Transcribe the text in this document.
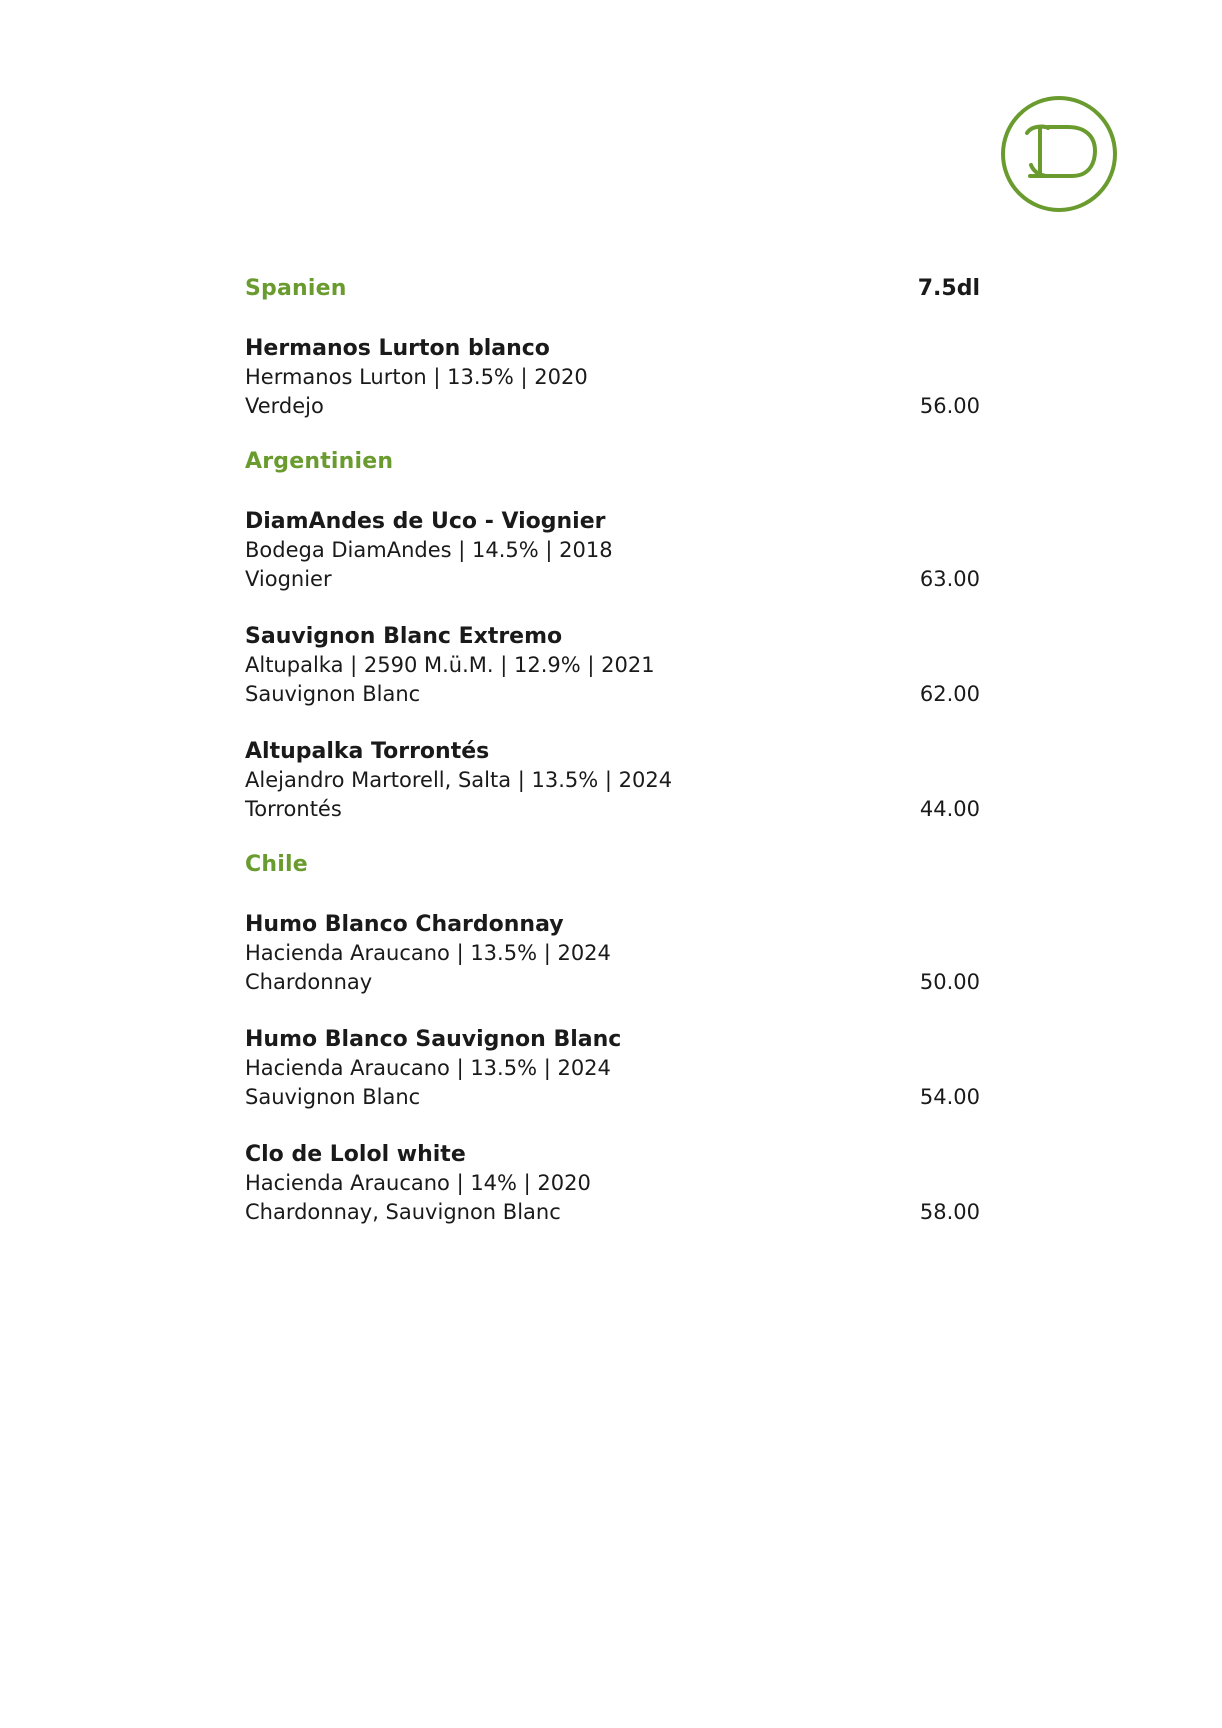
Spanien	7.5dl
Hermanos Lurton blanco
Hermanos Lurton | 13.5% | 2020
Verdejo	56.00
Argentinien
DiamAndes de Uco - Viognier
Bodega DiamAndes | 14.5% | 2018
Viognier	63.00
Sauvignon Blanc Extremo
Altupalka | 2590 M.ü.M. | 12.9% | 2021
Sauvignon Blanc	62.00
Altupalka Torrontés
Alejandro Martorell, Salta | 13.5% | 2024
Torrontés	44.00
Chile
Humo Blanco Chardonnay
Hacienda Araucano | 13.5% | 2024
Chardonnay	50.00
Humo Blanco Sauvignon Blanc
Hacienda Araucano | 13.5% | 2024
Sauvignon Blanc	54.00
Clo de Lolol white
Hacienda Araucano | 14% | 2020
Chardonnay, Sauvignon Blanc	58.00
